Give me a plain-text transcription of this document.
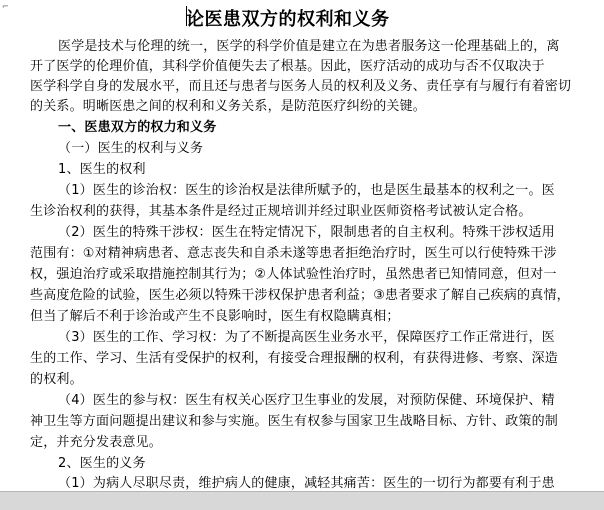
⌐
论医患双方的权利和义务
医学是技术与伦理的统一，医学的科学价值是建立在为患者服务这一伦理基础上的，离
开了医学的伦理价值，其科学价值便失去了根基。因此，医疗活动的成功与否不仅取决于
医学科学自身的发展水平，而且还与患者与医务人员的权利及义务、责任享有与履行有着密切
的关系。明晰医患之间的权利和义务关系，是防范医疗纠纷的关键。
一、医患双方的权力和义务
（一）医生的权利与义务
1、医生的权利
（1）医生的诊治权：医生的诊治权是法律所赋予的，也是医生最基本的权利之一。医
生诊治权利的获得，其基本条件是经过正规培训并经过职业医师资格考试被认定合格。
（2）医生的特殊干涉权：医生在特定情况下，限制患者的自主权利。特殊干涉权适用
范围有：①对精神病患者、意志丧失和自杀未遂等患者拒绝治疗时，医生可以行使特殊干涉
权，强迫治疗或采取措施控制其行为；②人体试验性治疗时，虽然患者已知情同意，但对一
些高度危险的试验，医生必须以特殊干涉权保护患者利益；③患者要求了解自己疾病的真情，
但当了解后不利于诊治或产生不良影响时，医生有权隐瞒真相；
（3）医生的工作、学习权：为了不断提高医生业务水平，保障医疗工作正常进行，医
生的工作、学习、生活有受保护的权利，有接受合理报酬的权利，有获得进修、考察、深造
的权利。
（4）医生的参与权：医生有权关心医疗卫生事业的发展，对预防保健、环境保护、精
神卫生等方面问题提出建议和参与实施。医生有权参与国家卫生战略目标、方针、政策的制
定，并充分发表意见。
2、医生的义务
（1）为病人尽职尽责，维护病人的健康，减轻其痛苦：医生的一切行为都要有利于患
